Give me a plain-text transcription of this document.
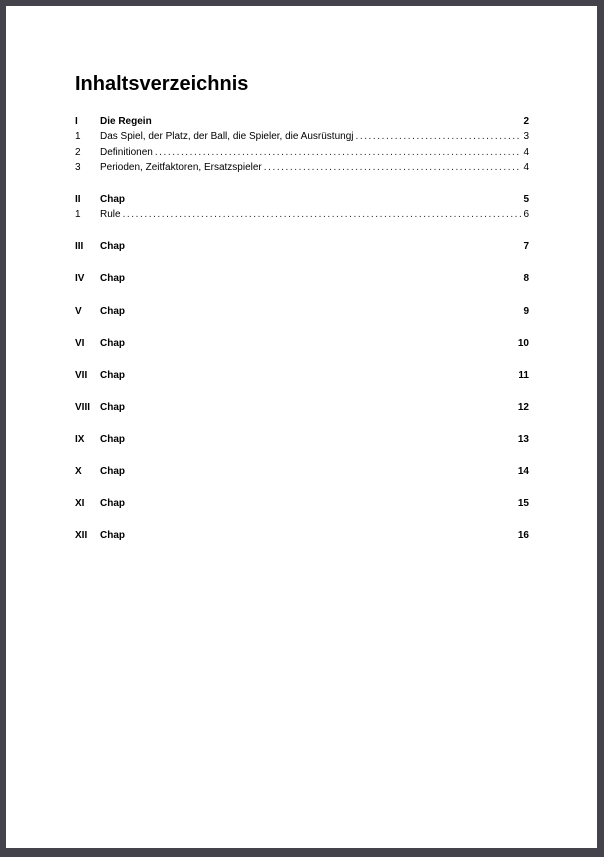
Inhaltsverzeichnis
I	Die Regein	2
1	Das Spiel, der Platz, der Ball, die Spieler, die Ausrüstungj . . .	3
2	Definitionen . . .	4
3	Perioden, Zeitfaktoren, Ersatzspieler . . .	4
II	Chap	5
1	Rule . . .	6
III	Chap	7
IV	Chap	8
V	Chap	9
VI	Chap	10
VII	Chap	11
VIII Chap	12
IX	Chap	13
X	Chap	14
XI	Chap	15
XII	Chap	16
